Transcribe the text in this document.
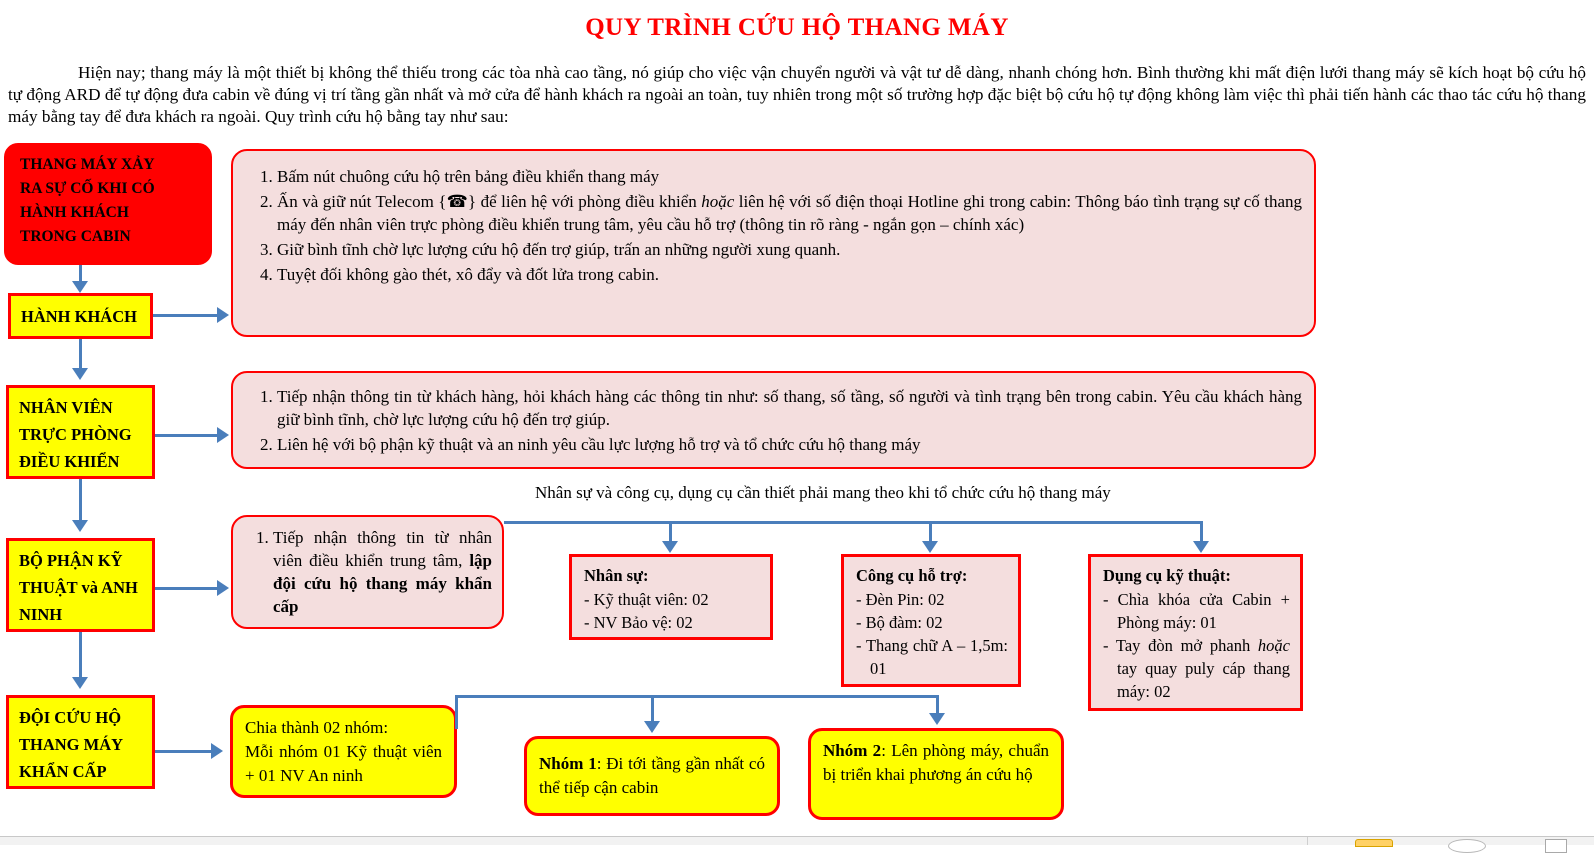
QUY TRÌNH CỨU HỘ THANG MÁY
Hiện nay; thang máy là một thiết bị không thể thiếu trong các tòa nhà cao tầng, nó giúp cho việc vận chuyển người và vật tư dễ dàng, nhanh chóng hơn. Bình thường khi mất điện lưới thang máy sẽ kích hoạt bộ cứu hộ tự động ARD để tự động đưa cabin về đúng vị trí tầng gần nhất và mở cửa để hành khách ra ngoài an toàn, tuy nhiên trong một số trường hợp đặc biệt bộ cứu hộ tự động không làm việc thì phải tiến hành các thao tác cứu hộ thang máy bằng tay để đưa khách ra ngoài. Quy trình cứu hộ bằng tay như sau:
THANG MÁY XẢY
RA SỰ CỐ KHI CÓ
HÀNH KHÁCH
TRONG CABIN
HÀNH KHÁCH
NHÂN VIÊN
TRỰC PHÒNG
ĐIỀU KHIỂN
BỘ PHẬN KỸ
THUẬT và ANH
NINH
ĐỘI CỨU HỘ
THANG MÁY
KHẨN CẤP
1. Bấm nút chuông cứu hộ trên bảng điều khiển thang máy
2. Ấn và giữ nút Telecom {☎} để liên hệ với phòng điều khiển hoặc liên hệ với số điện thoại Hotline ghi trong cabin: Thông báo tình trạng sự cố thang máy đến nhân viên trực phòng điều khiển trung tâm, yêu cầu hỗ trợ (thông tin rõ ràng - ngắn gọn – chính xác)
3. Giữ bình tĩnh chờ lực lượng cứu hộ đến trợ giúp, trấn an những người xung quanh.
4. Tuyệt đối không gào thét, xô đẩy và đốt lửa trong cabin.
1. Tiếp nhận thông tin từ khách hàng, hỏi khách hàng các thông tin như: số thang, số tầng, số người và tình trạng bên trong cabin. Yêu cầu khách hàng giữ bình tĩnh, chờ lực lượng cứu hộ đến trợ giúp.
2. Liên hệ với bộ phận kỹ thuật và an ninh yêu cầu lực lượng hỗ trợ và tổ chức cứu hộ thang máy
1. Tiếp nhận thông tin từ nhân viên điều khiển trung tâm, lập đội cứu hộ thang máy khẩn cấp
Nhân sự và công cụ, dụng cụ cần thiết phải mang theo khi tổ chức cứu hộ thang máy
Nhân sự:
- Kỹ thuật viên: 02
- NV Bảo vệ: 02
Công cụ hỗ trợ:
- Đèn Pin: 02
- Bộ đàm: 02
- Thang chữ A – 1,5m: 01
Dụng cụ kỹ thuật:
- Chìa khóa cửa Cabin + Phòng máy: 01
- Tay đòn mở phanh hoặc tay quay puly cáp thang máy: 02
Chia thành 02 nhóm:
Mỗi nhóm 01 Kỹ thuật viên + 01 NV An ninh
Nhóm 1: Đi tới tầng gần nhất có thể tiếp cận cabin
Nhóm 2: Lên phòng máy, chuẩn bị triển khai phương án cứu hộ
